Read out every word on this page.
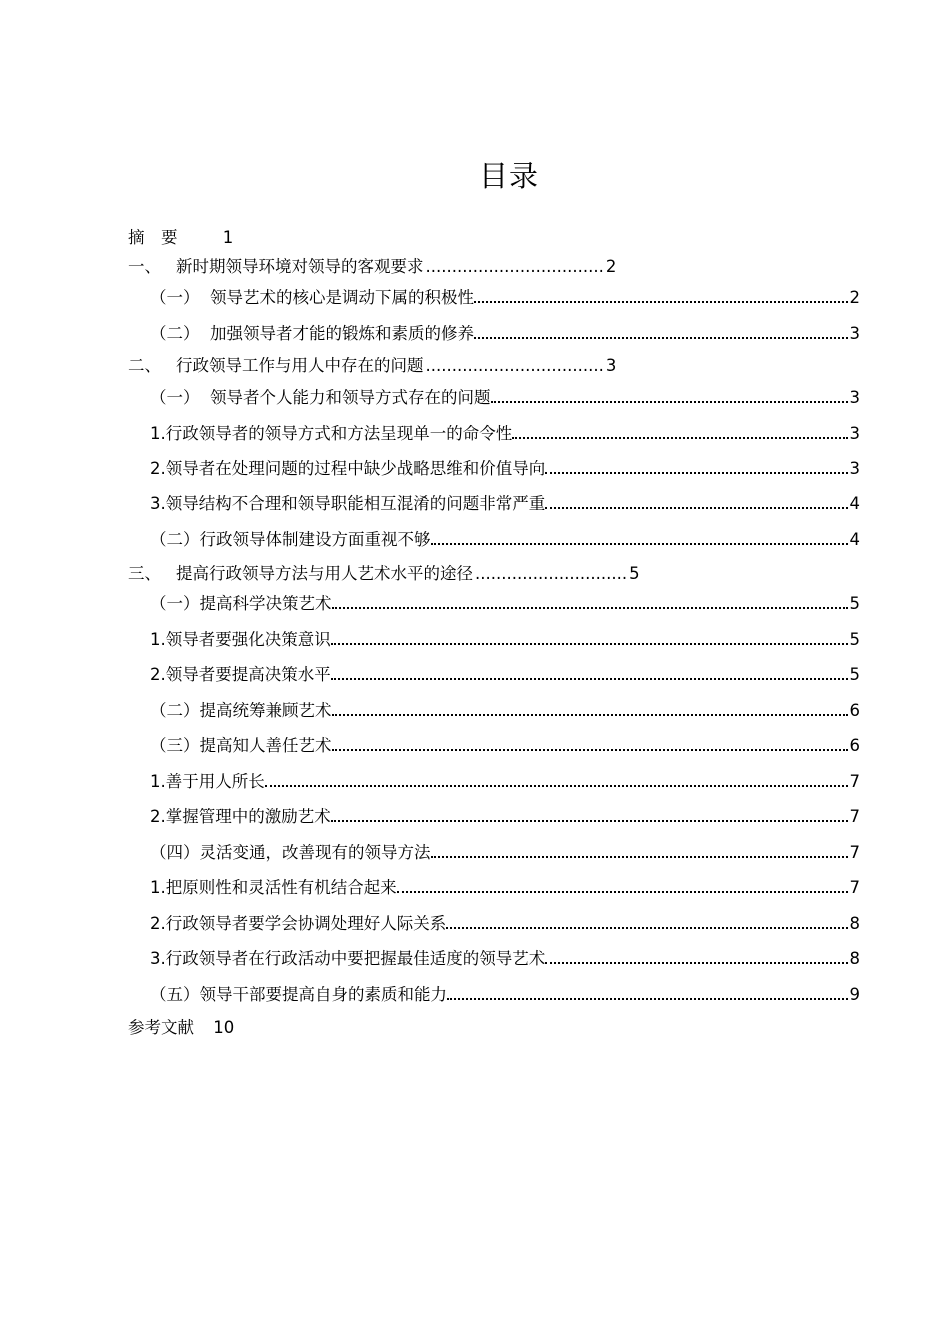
目录
摘　要	1
一、 新时期领导环境对领导的客观要求 .................................. 2
（一） 领导艺术的核心是调动下属的积极性	2
（二） 加强领导者才能的锻炼和素质的修养	3
二、 行政领导工作与用人中存在的问题 .................................. 3
（一） 领导者个人能力和领导方式存在的问题	3
1. 行政领导者的领导方式和方法呈现单一的命令性	3
2. 领导者在处理问题的过程中缺少战略思维和价值导向	3
3. 领导结构不合理和领导职能相互混淆的问题非常严重	4
（二） 行政领导体制建设方面重视不够	4
三、 提高行政领导方法与用人艺术水平的途径 ............................. 5
（一） 提高科学决策艺术	5
1. 领导者要强化决策意识	5
2. 领导者要提高决策水平	5
（二） 提高统筹兼顾艺术	6
（三） 提高知人善任艺术	6
1. 善于用人所长	7
2. 掌握管理中的激励艺术	7
（四） 灵活变通，改善现有的领导方法	7
1. 把原则性和灵活性有机结合起来	7
2. 行政领导者要学会协调处理好人际关系	8
3. 行政领导者在行政活动中要把握最佳适度的领导艺术	8
（五） 领导干部要提高自身的素质和能力	9
参考文献 10
